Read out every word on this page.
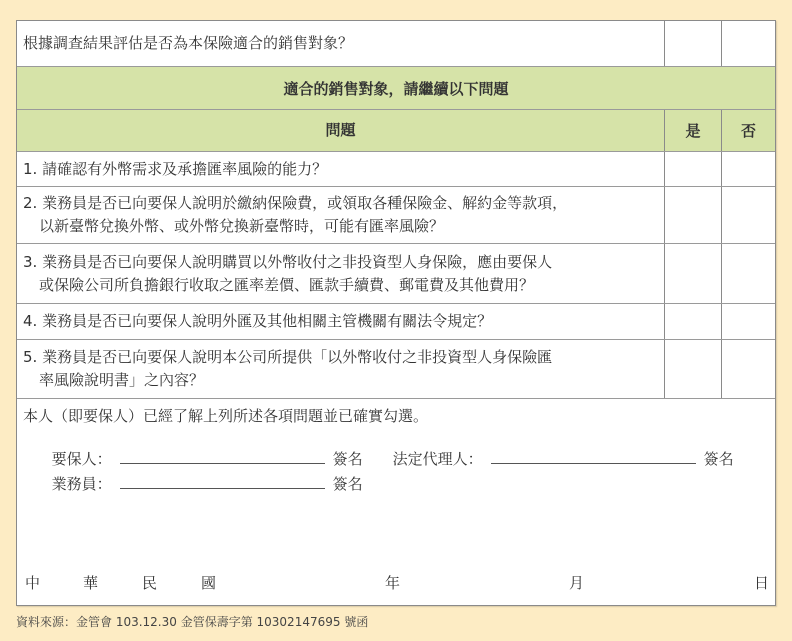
根據調查結果評估是否為本保險適合的銷售對象？
適合的銷售對象，請繼續以下問題
問題	是	否
1. 請確認有外幣需求及承擔匯率風險的能力？
2. 業務員是否已向要保人說明於繳納保險費，或領取各種保險金、解約金等款項，
以新臺幣兌換外幣、或外幣兌換新臺幣時，可能有匯率風險？
3. 業務員是否已向要保人說明購買以外幣收付之非投資型人身保險，應由要保人
或保險公司所負擔銀行收取之匯率差價、匯款手續費、郵電費及其他費用？
4. 業務員是否已向要保人說明外匯及其他相關主管機關有關法令規定？
5. 業務員是否已向要保人說明本公司所提供「以外幣收付之非投資型人身保險匯
率風險說明書」之內容？
本人（即要保人）已經了解上列所述各項問題並已確實勾選。

要保人：	簽名 法定代理人：	簽名

業務員：	簽名

中	華	民	國	年	月	日
資料來源：金管會 103.12.30 金管保壽字第 10302147695 號函
